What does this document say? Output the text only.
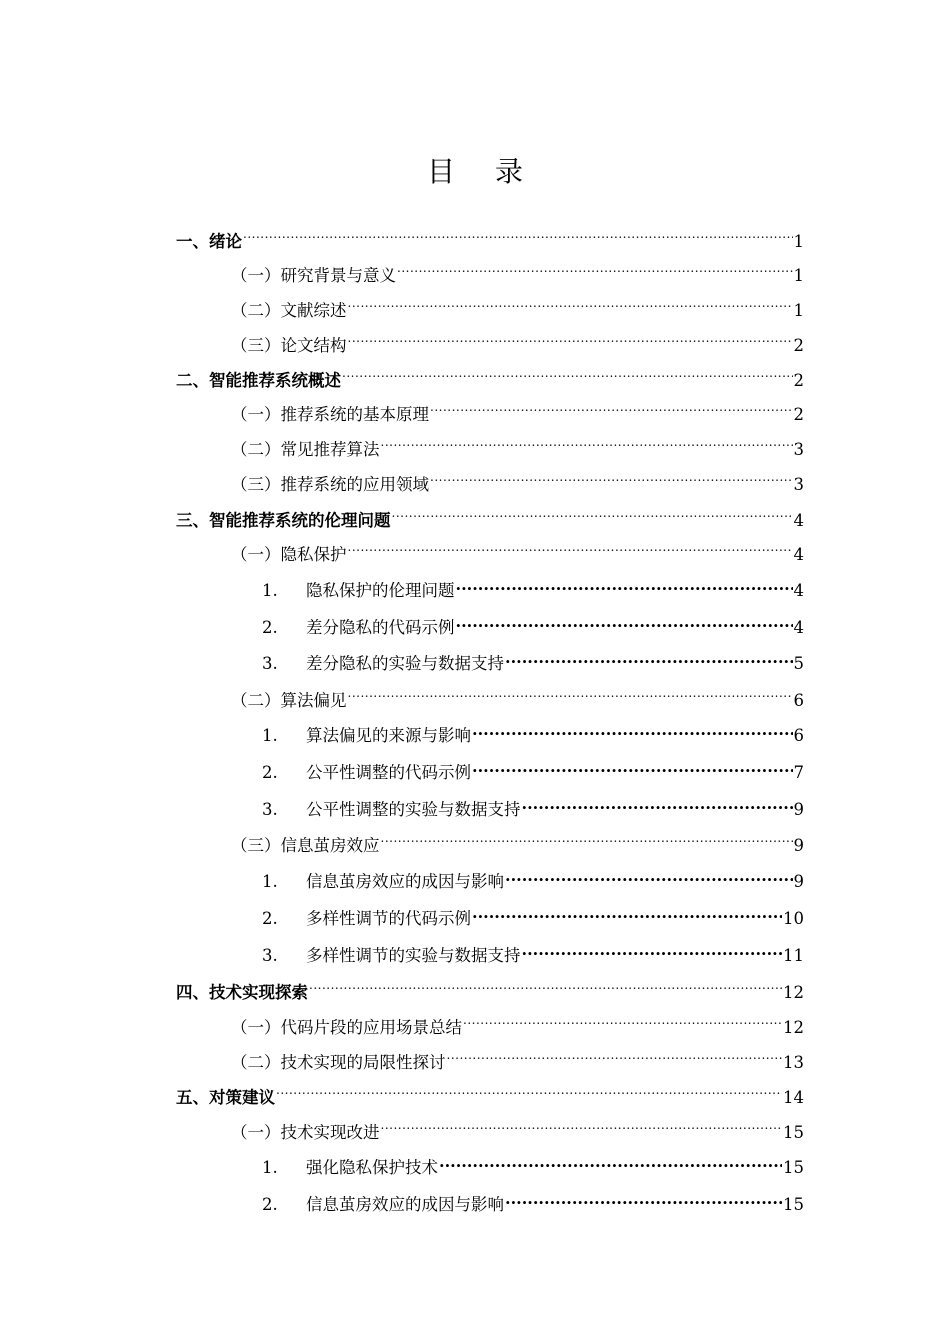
目录
一、绪论 .....	1
（一）研究背景与意义 .....	1
（二）文献综述 .....	1
（三）论文结构 .....	2
二、智能推荐系统概述 .....	2
（一）推荐系统的基本原理 .....	2
（二）常见推荐算法 .....	3
（三）推荐系统的应用领域 .....	3
三、智能推荐系统的伦理问题 .....	4
（一）隐私保护 .....	4
1.	隐私保护的伦理问题 .....	4
2.	差分隐私的代码示例 .....	4
3.	差分隐私的实验与数据支持 .....	5
（二）算法偏见 .....	6
1.	算法偏见的来源与影响 .....	6
2.	公平性调整的代码示例 .....	7
3.	公平性调整的实验与数据支持 .....	9
（三）信息茧房效应 .....	9
1.	信息茧房效应的成因与影响 .....	9
2.	多样性调节的代码示例 .....	10
3.	多样性调节的实验与数据支持 .....	11
四、技术实现探索 .....	12
（一）代码片段的应用场景总结 .....	12
（二）技术实现的局限性探讨 .....	13
五、对策建议 .....	14
（一）技术实现改进 .....	15
1.	强化隐私保护技术 .....	15
2.	信息茧房效应的成因与影响 .....	15
